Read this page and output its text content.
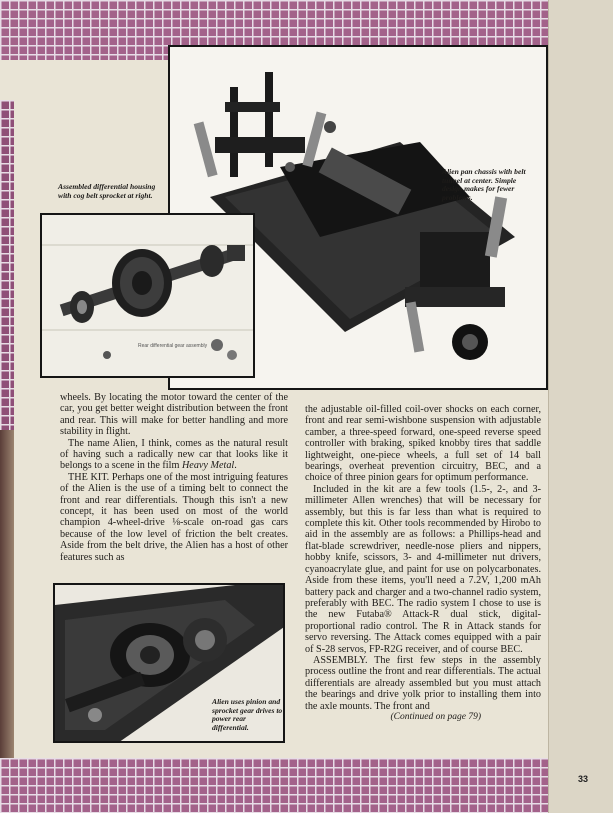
Alien pan chassis with belt tunnel at center. Simple design makes for fewer problems.
Rear differential gear assembly
Assembled differential housing with cog belt sprocket at right.

wheels. By locating the motor toward the center of the car, you get better weight distribution between the front and rear. This will make for better handling and more stability in flight.

The name Alien, I think, comes as the natural result of having such a radically new car that looks like it belongs to a scene in the film Heavy Metal.

THE KIT. Perhaps one of the most intriguing features of the Alien is the use of a timing belt to connect the front and rear differentials. Though this isn't a new concept, it has been used on most of the world champion 4-wheel-drive ⅛-scale on-road gas cars because of the low level of friction the belt creates. Aside from the belt drive, the Alien has a host of other features such as

the adjustable oil-filled coil-over shocks on each corner, front and rear semi-wishbone suspension with adjustable camber, a three-speed forward, one-speed reverse speed controller with braking, spiked knobby tires that saddle lightweight, one-piece wheels, a full set of 14 ball bearings, overheat prevention circuitry, BEC, and a choice of three pinion gears for optimum performance.

Included in the kit are a few tools (1.5-, 2-, and 3-millimeter Allen wrenches) that will be necessary for assembly, but this is far less than what is required to complete this kit. Other tools recommended by Hirobo to aid in the assembly are as follows: a Phillips-head and flat-blade screwdriver, needle-nose pliers and nippers, hobby knife, scissors, 3- and 4-millimeter nut drivers, cyanoacrylate glue, and paint for use on polycarbonates. Aside from these items, you'll need a 7.2V, 1,200 mAh battery pack and charger and a two-channel radio system, preferably with BEC. The radio system I chose to use is the new Futaba® Attack-R dual stick, digital-proportional radio control. The R in Attack stands for servo reversing. The Attack comes equipped with a pair of S-28 servos, FP-R2G receiver, and of course BEC.

ASSEMBLY. The first few steps in the assembly process outline the front and rear differentials. The actual differentials are already assembled but you must attach the bearings and drive yolk prior to installing them into the axle mounts. The front and

(Continued on page 79)
Alien uses pinion and sprocket gear drives to power rear differential.
33
